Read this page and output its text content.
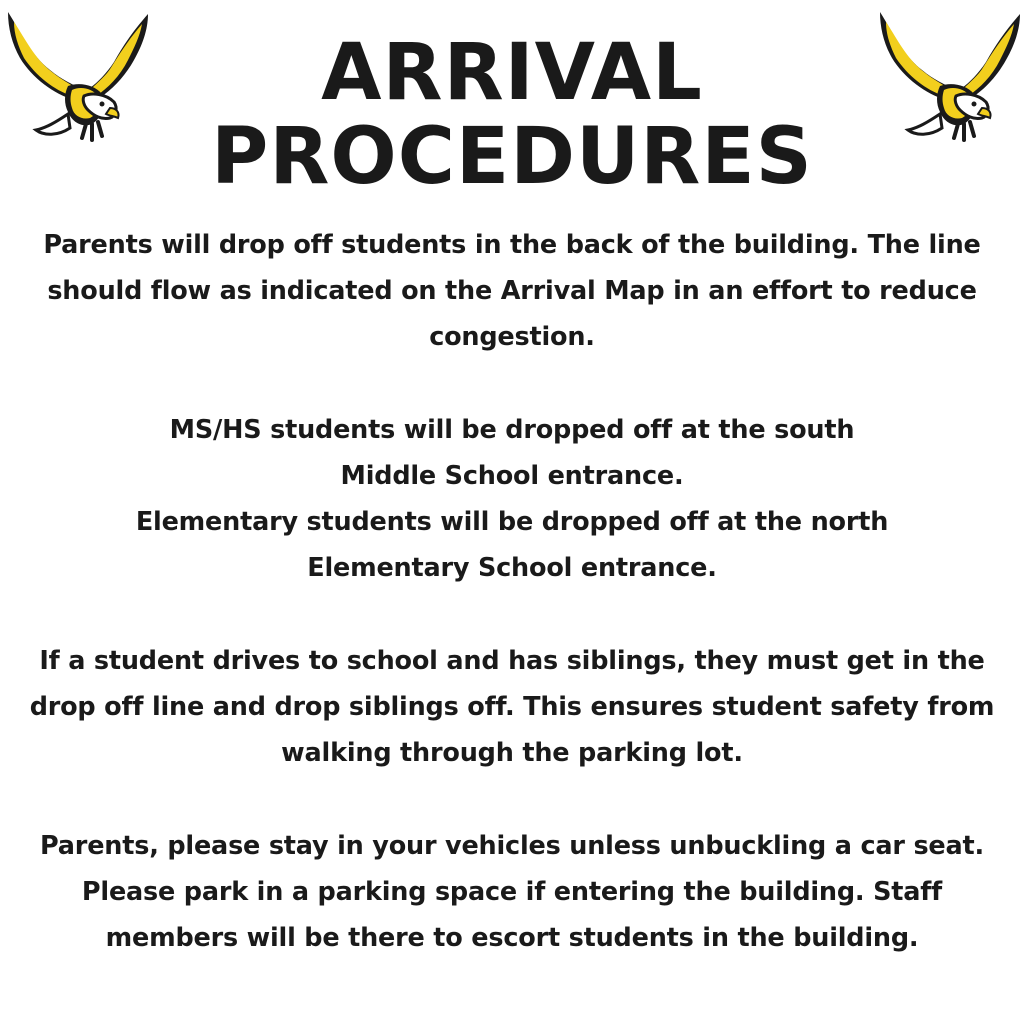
ARRIVAL
PROCEDURES

Parents will drop off students in the back of the building. The line

should flow as indicated on the Arrival Map in an effort to reduce

congestion.

MS/HS students will be dropped off at the south

Middle School entrance.

Elementary students will be dropped off at the north

Elementary School entrance.

If a student drives to school and has siblings, they must get in the

drop off line and drop siblings off. This ensures student safety from

walking through the parking lot.

Parents, please stay in your vehicles unless unbuckling a car seat.

Please park in a parking space if entering the building. Staff

members will be there to escort students in the building.
